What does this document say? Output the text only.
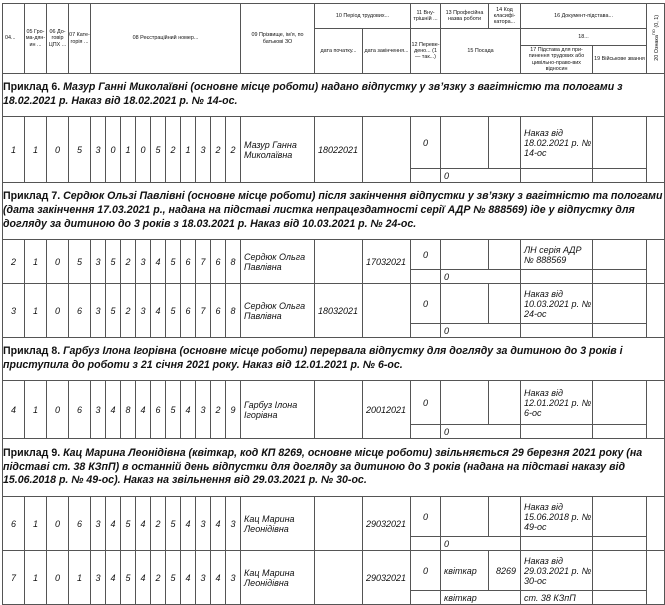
04...	05 Гро-ма-дян-ин ...	06 До-говір ЦПХ ...	07 Кате-горія ...	08 Реєстраційний номер...										09 Прізвище, ім'я, по батькові ЗО	10 Період трудових...		11 Вну-трішній ...	13 Професійна назва роботи	14 Код класифі-катора...	16 Документ-підстава...		20 Ознака$^{ПО}$ (0, 1)
															дата початку...	дата закінчення...	12 Переве-дено... (1 — так...)	15 Посада		18...		
																				17 Підстава для при-пинення трудових або цивільно-право-вих відносин	19 Військове звання	
Приклад 6. Мазур Ганні Миколаївні (основне місце роботи) надано відпустку у зв’язку з вагітністю та пологами з 18.02.2021 р. Наказ від 18.02.2021 р. № 14-ос.																						
1	1	0	5	3	0	1	0	5	2	1	3	2	2	Мазур Ганна Миколаївна	18022021		0			Наказ від 18.02.2021 р. № 14-ос		
																		0				
Приклад 7. Сердюк Ользі Павлівні (основне місце роботи) після закінчення відпустки у зв’язку з вагітністю та пологами (дата закінчення 17.03.2021 р., надана на підставі листка непрацездатності серії АДР № 888569) іде у відпустку для догляду за дитиною до 3 років з 18.03.2021 р. Наказ від 10.03.2021 р. № 24-ос.																						
2	1	0	5	3	5	2	3	4	5	6	7	6	8	Сердюк Ольга Павлівна		17032021	0			ЛН серія АДР № 888569		
																		0				
3	1	0	6	3	5	2	3	4	5	6	7	6	8	Сердюк Ольга Павлівна	18032021		0			Наказ від 10.03.2021 р. № 24-ос		
																		0				
Приклад 8. Гарбуз Ілона Ігорівна (основне місце роботи) перервала відпустку для догляду за дитиною до 3 років і приступила до роботи з 21 січня 2021 року. Наказ від 12.01.2021 р. № 6-ос.																						
4	1	0	6	3	4	8	4	6	5	4	3	2	9	Гарбуз Ілона Ігорівна		20012021	0			Наказ від 12.01.2021 р. № 6-ос		
																		0				
Приклад 9. Кац Марина Леонідівна (квіткар, код КП 8269, основне місце роботи) звільняється 29 березня 2021 року (на підставі ст. 38 КЗпП) в останній день відпустки для догляду за дитиною до 3 років (надана на підставі наказу від 15.06.2018 р. № 49-ос). Наказ на звільнення від 29.03.2021 р. № 30-ос.																						
6	1	0	6	3	4	5	4	2	5	4	3	4	3	Кац Марина Леонідівна		29032021	0			Наказ від 15.06.2018 р. № 49-ос		
																		0				
7	1	0	1	3	4	5	4	2	5	4	3	4	3	Кац Марина Леонідівна		29032021	0	квіткар	8269	Наказ від 29.03.2021 р. № 30-ос		
																		квіткар		ст. 38 КЗпП		
